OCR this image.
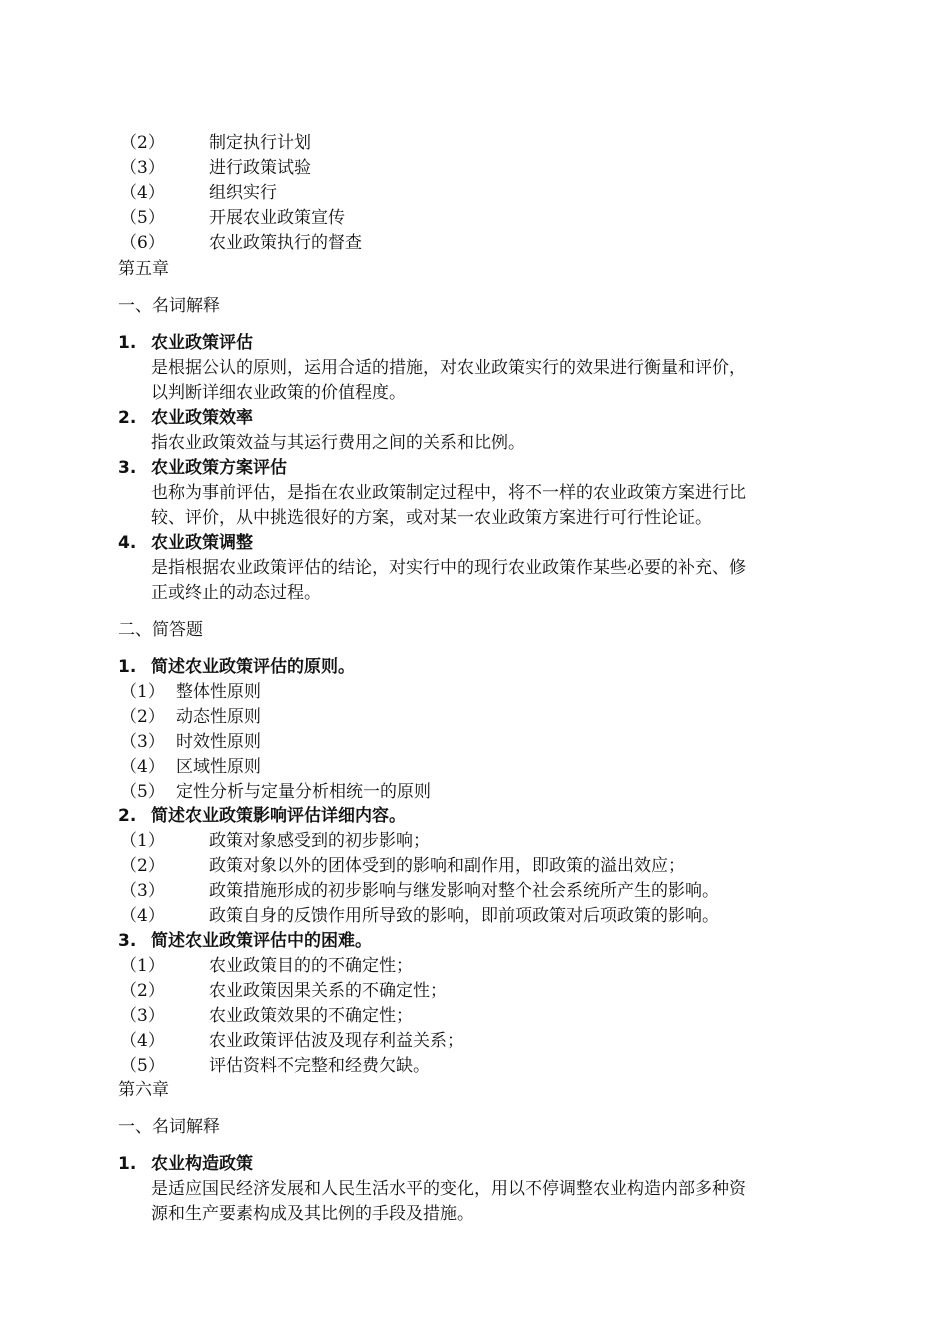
（2）	制定执行计划
（3）	进行政策试验
（4）	组织实行
（5）	开展农业政策宣传
（6）	农业政策执行的督查
第五章
一、名词解释
1. 农业政策评估
是根据公认的原则，运用合适的措施，对农业政策实行的效果进行衡量和评价，
以判断详细农业政策的价值程度。
2. 农业政策效率
指农业政策效益与其运行费用之间的关系和比例。
3. 农业政策方案评估
也称为事前评估，是指在农业政策制定过程中，将不一样的农业政策方案进行比
较、评价，从中挑选很好的方案，或对某一农业政策方案进行可行性论证。
4. 农业政策调整
是指根据农业政策评估的结论，对实行中的现行农业政策作某些必要的补充、修
正或终止的动态过程。
二、简答题
1. 简述农业政策评估的原则。
（1） 整体性原则
（2） 动态性原则
（3） 时效性原则
（4） 区域性原则
（5） 定性分析与定量分析相统一的原则
2. 简述农业政策影响评估详细内容。
（1）	政策对象感受到的初步影响；
（2）	政策对象以外的团体受到的影响和副作用，即政策的溢出效应；
（3）	政策措施形成的初步影响与继发影响对整个社会系统所产生的影响。
（4）	政策自身的反馈作用所导致的影响，即前项政策对后项政策的影响。
3. 简述农业政策评估中的困难。
（1）	农业政策目的的不确定性；
（2）	农业政策因果关系的不确定性；
（3）	农业政策效果的不确定性；
（4）	农业政策评估波及现存利益关系；
（5）	评估资料不完整和经费欠缺。
第六章
一、名词解释
1. 农业构造政策
是适应国民经济发展和人民生活水平的变化，用以不停调整农业构造内部多种资
源和生产要素构成及其比例的手段及措施。
